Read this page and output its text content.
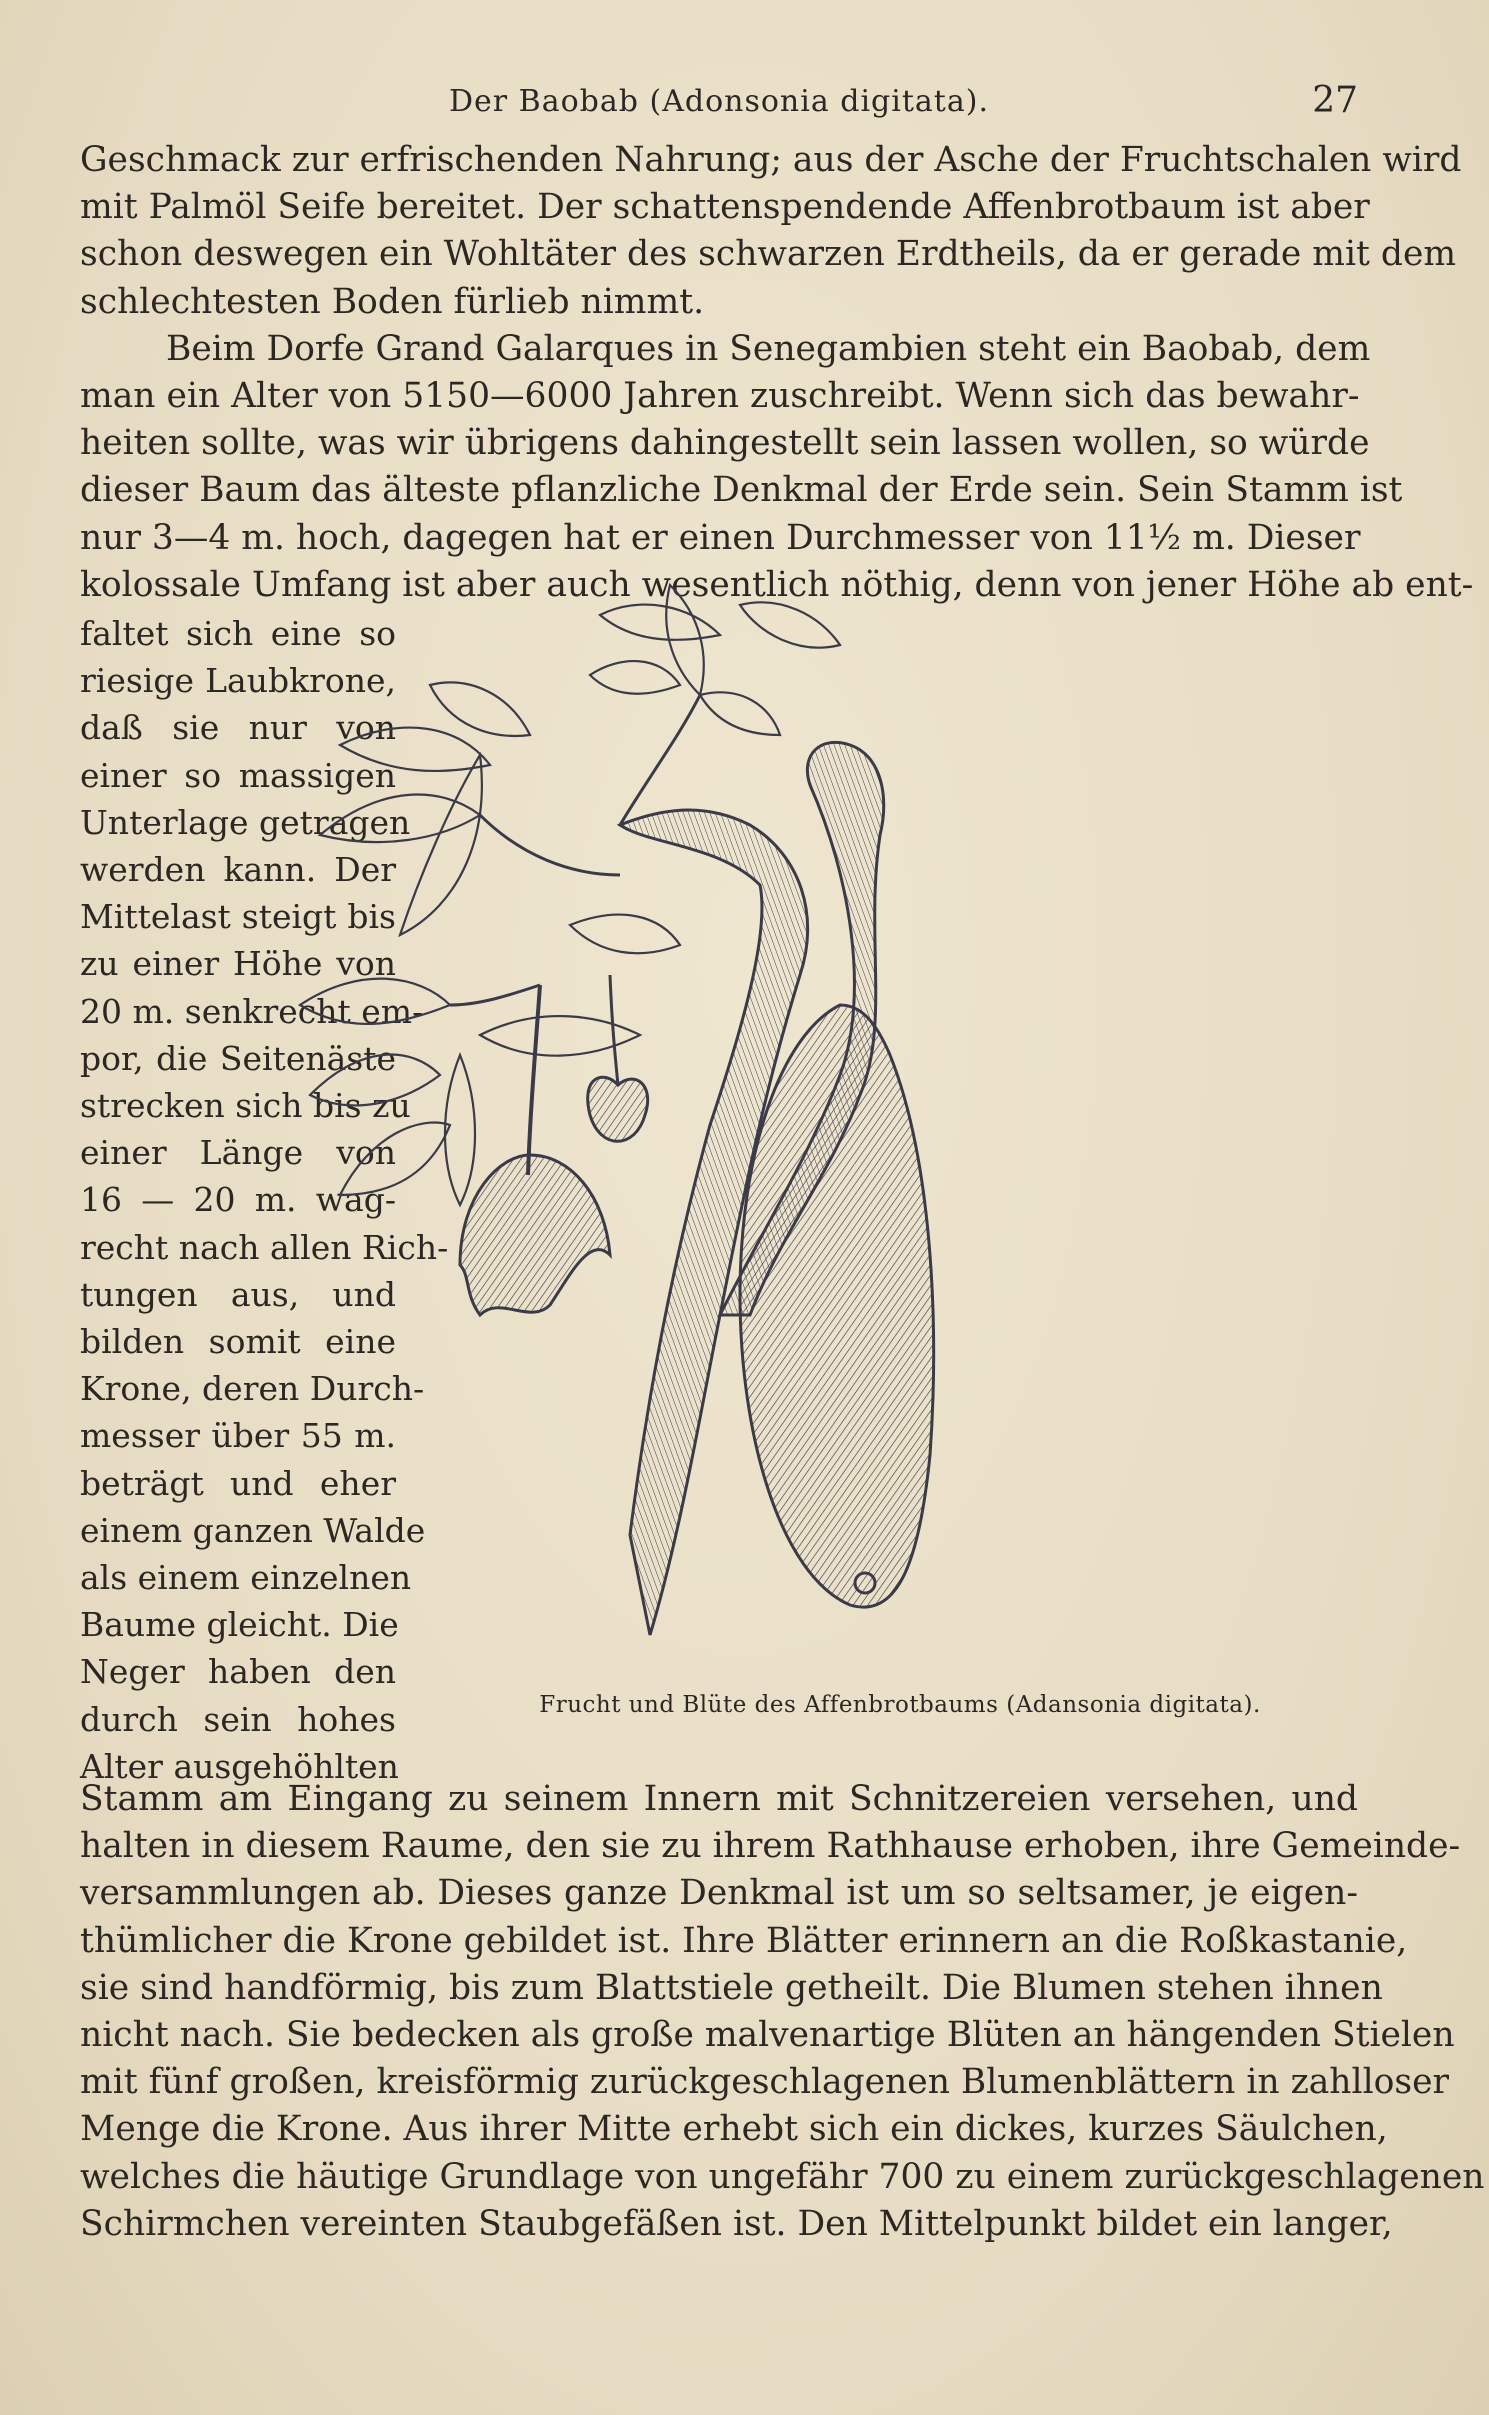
Der Baobab (Adonsonia digitata).	27
Geschmack zur erfrischenden Nahrung; aus der Asche der Fruchtschalen wird
mit Palmöl Seife bereitet. Der schattenspendende Affenbrotbaum ist aber
schon deswegen ein Wohltäter des schwarzen Erdtheils, da er gerade mit dem
schlechtesten Boden fürlieb nimmt.
Beim Dorfe Grand Galarques in Senegambien steht ein Baobab, dem
man ein Alter von 5150—6000 Jahren zuschreibt. Wenn sich das bewahr-
heiten sollte, was wir übrigens dahingestellt sein lassen wollen, so würde
dieser Baum das älteste pflanzliche Denkmal der Erde sein. Sein Stamm ist
nur 3—4 m. hoch, dagegen hat er einen Durchmesser von 11½ m. Dieser
kolossale Umfang ist aber auch wesentlich nöthig, denn von jener Höhe ab ent-
faltet sich eine so
riesige Laubkrone,
daß sie nur von
einer so massigen
Unterlage getragen
werden kann. Der
Mittelast steigt bis
zu einer Höhe von
20 m. senkrecht em-
por, die Seitenäste
strecken sich bis zu
einer Länge von
16 — 20 m. wag-
recht nach allen Rich-
tungen aus, und
bilden somit eine
Krone, deren Durch-
messer über 55 m.
beträgt und eher
einem ganzen Walde
als einem einzelnen
Baume gleicht. Die
Neger haben den
durch sein hohes
Alter ausgehöhlten
Frucht und Blüte des Affenbrotbaums (Adansonia digitata).
Stamm am Eingang zu seinem Innern mit Schnitzereien versehen, und
halten in diesem Raume, den sie zu ihrem Rathhause erhoben, ihre Gemeinde-
versammlungen ab. Dieses ganze Denkmal ist um so seltsamer, je eigen-
thümlicher die Krone gebildet ist. Ihre Blätter erinnern an die Roßkastanie,
sie sind handförmig, bis zum Blattstiele getheilt. Die Blumen stehen ihnen
nicht nach. Sie bedecken als große malvenartige Blüten an hängenden Stielen
mit fünf großen, kreisförmig zurückgeschlagenen Blumenblättern in zahlloser
Menge die Krone. Aus ihrer Mitte erhebt sich ein dickes, kurzes Säulchen,
welches die häutige Grundlage von ungefähr 700 zu einem zurückgeschlagenen
Schirmchen vereinten Staubgefäßen ist. Den Mittelpunkt bildet ein langer,
